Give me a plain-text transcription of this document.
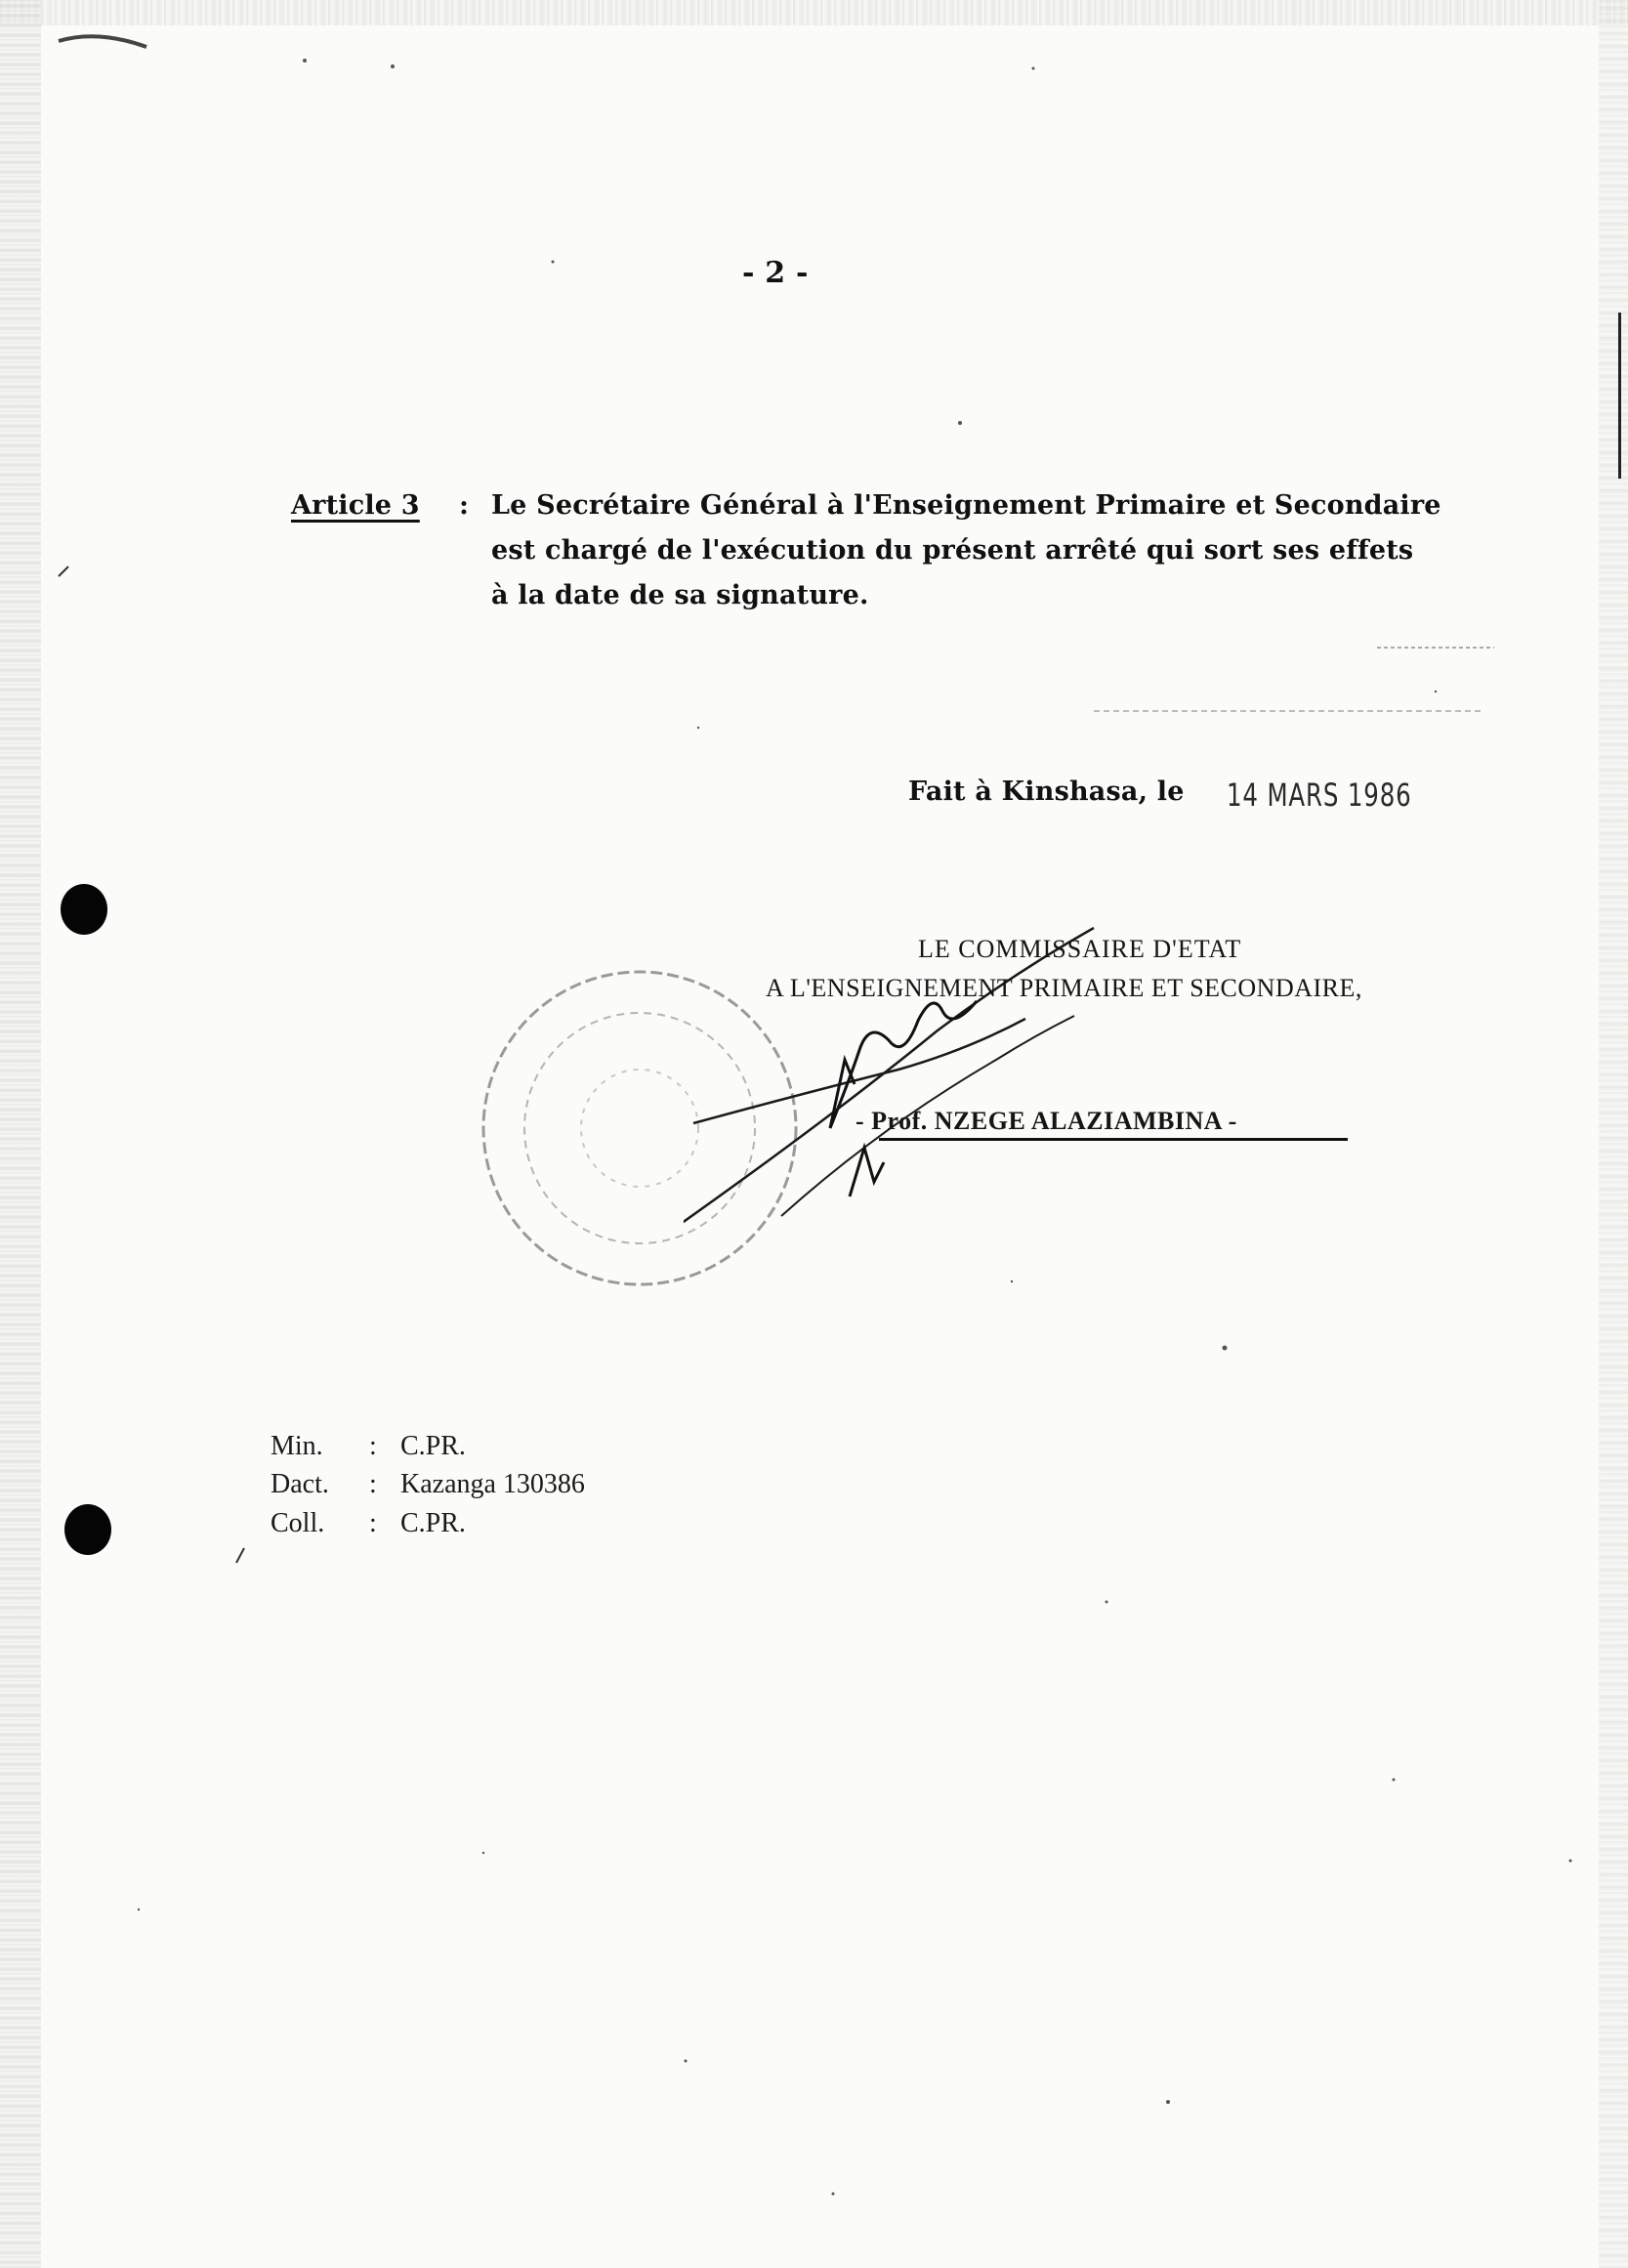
- 2 -
Article 3 : Le Secrétaire Général à l'Enseignement Primaire et Secondaire
est chargé de l'exécution du présent arrêté qui sort ses effets
à la date de sa signature.
Fait à Kinshasa, le 14 MARS 1986
LE COMMISSAIRE D'ETAT
A L'ENSEIGNEMENT PRIMAIRE ET SECONDAIRE,
- Prof. NZEGE ALAZIAMBINA -
Min. : C.PR.
Dact. : Kazanga 130386
Coll. : C.PR.
